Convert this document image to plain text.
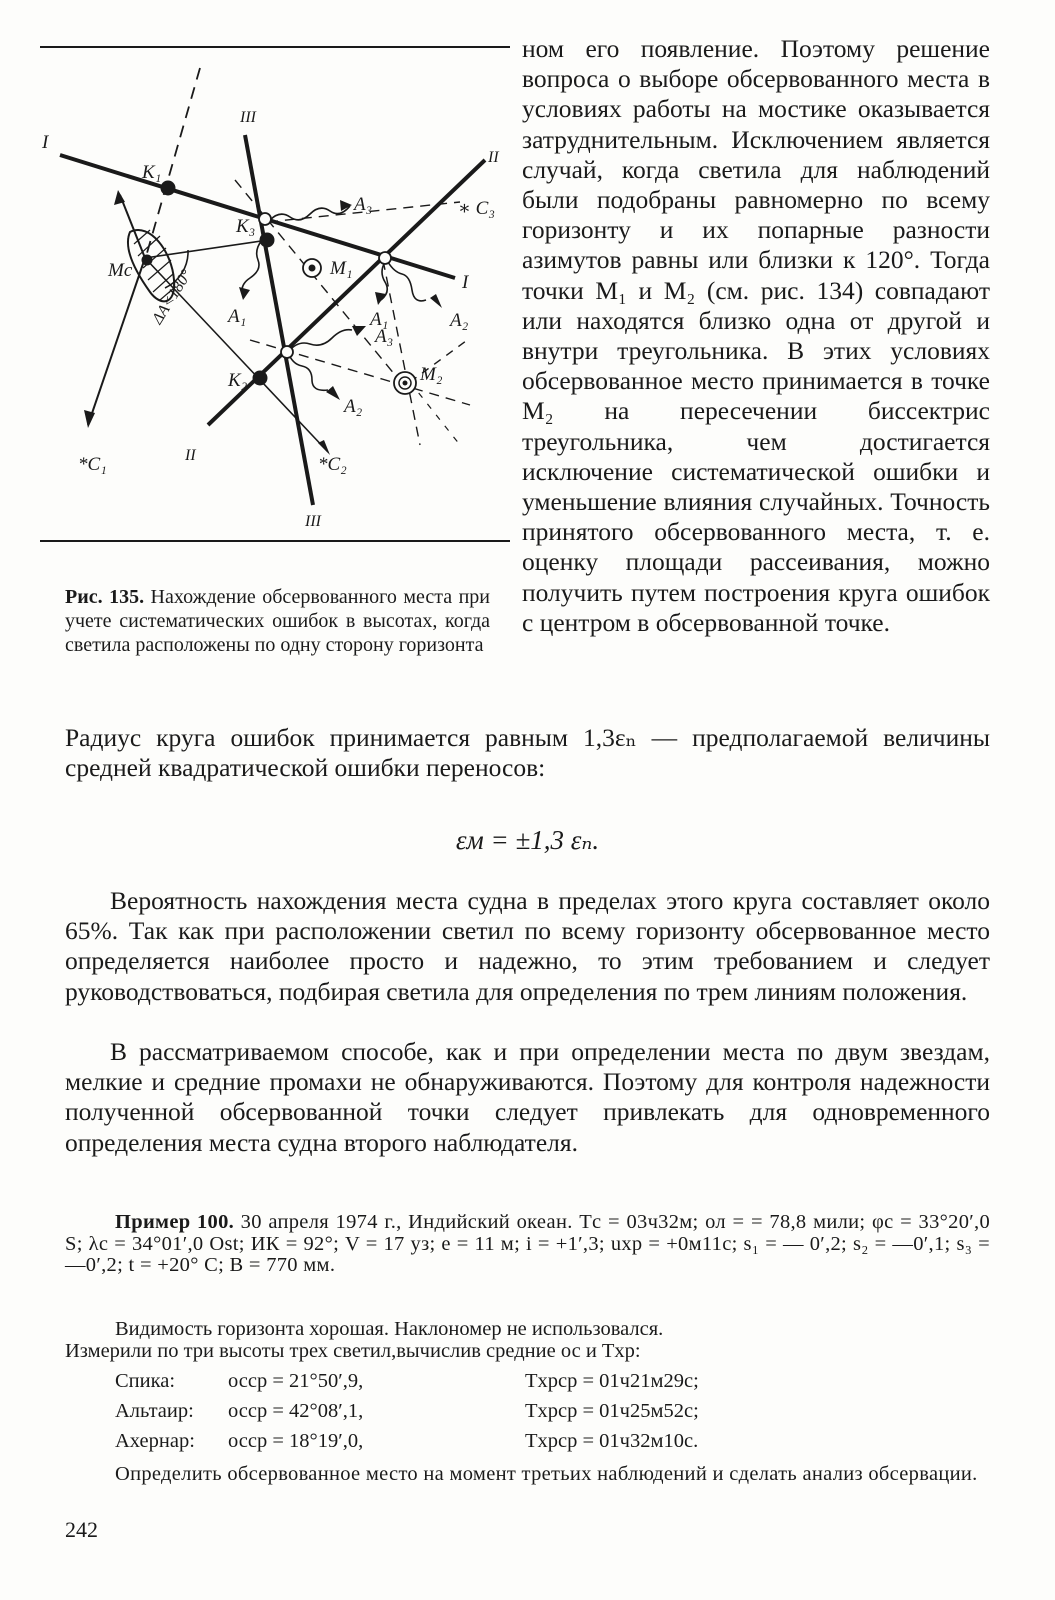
I
I
II
II
III
III
K₁
K₃
K₂
M₁
M₂
Mс
A₃
A₁	A₁	A₂
A₃
A₂
*C₁	*C₂
∗ C₃
ΔA<180°
Рис. 135. Нахождение обсервованного места при учете систематических ошибок в высотах, когда светила расположены по одну сторону горизонта

ном его появление. Поэтому решение вопроса о выборе обсервованного места в условиях работы на мостике оказывается затруднительным. Исключением является случай, когда светила для наблюдений были подобраны равномерно по всему горизонту и их попарные разности азимутов равны или близки к 120°. Тогда точки M₁ и M₂ (см. рис. 134) совпадают или находятся близко одна от другой и внутри треугольника. В этих условиях обсервованное место принимается в точке M₂ на пересечении биссектрис треугольника, чем достигается исключение систематической ошибки и уменьшение влияния случайных. Точность принятого обсервованного места, т. е. оценку площади рассеивания, можно получить путем построения круга ошибок с центром в обсервованной точке.

Радиус круга ошибок принимается равным 1,3εₙ — предполагаемой величины средней квадратической ошибки переносов:

εм = ±1,3 εₙ.

Вероятность нахождения места судна в пределах этого круга составляет около 65%. Так как при расположении светил по всему горизонту обсервованное место определяется наиболее просто и надежно, то этим требованием и следует руководствоваться, подбирая светила для определения по трем линиям положения.

В рассматриваемом способе, как и при определении места по двум звездам, мелкие и средние промахи не обнаруживаются. Поэтому для контроля надежности полученной обсервованной точки следует привлекать для одновременного определения места судна второго наблюдателя.

Пример 100. 30 апреля 1974 г., Индийский океан. Tс = 03ч32м; ол = = 78,8 мили; φс = 33°20′,0 S; λс = 34°01′,0 Ost; ИК = 92°; V = 17 уз; e = 11 м; i = +1′,3; uхр = +0м11с; s₁ = — 0′,2; s₂ = —0′,1; s₃ = —0′,2; t = +20° C; B = 770 мм.

Видимость горизонта хорошая. Наклономер не использовался.
Измерили по три высоты трех светил,вычислив средние ос и Tхр:
Спика:	осср = 21°50′,9,	Tхрср = 01ч21м29с;
Альтаир: осср = 42°08′,1,	Tхрср = 01ч25м52с;
Ахернар: осср = 18°19′,0,	Tхрср = 01ч32м10с.

Определить обсервованное место на момент третьих наблюдений и сделать анализ обсервации.

242
